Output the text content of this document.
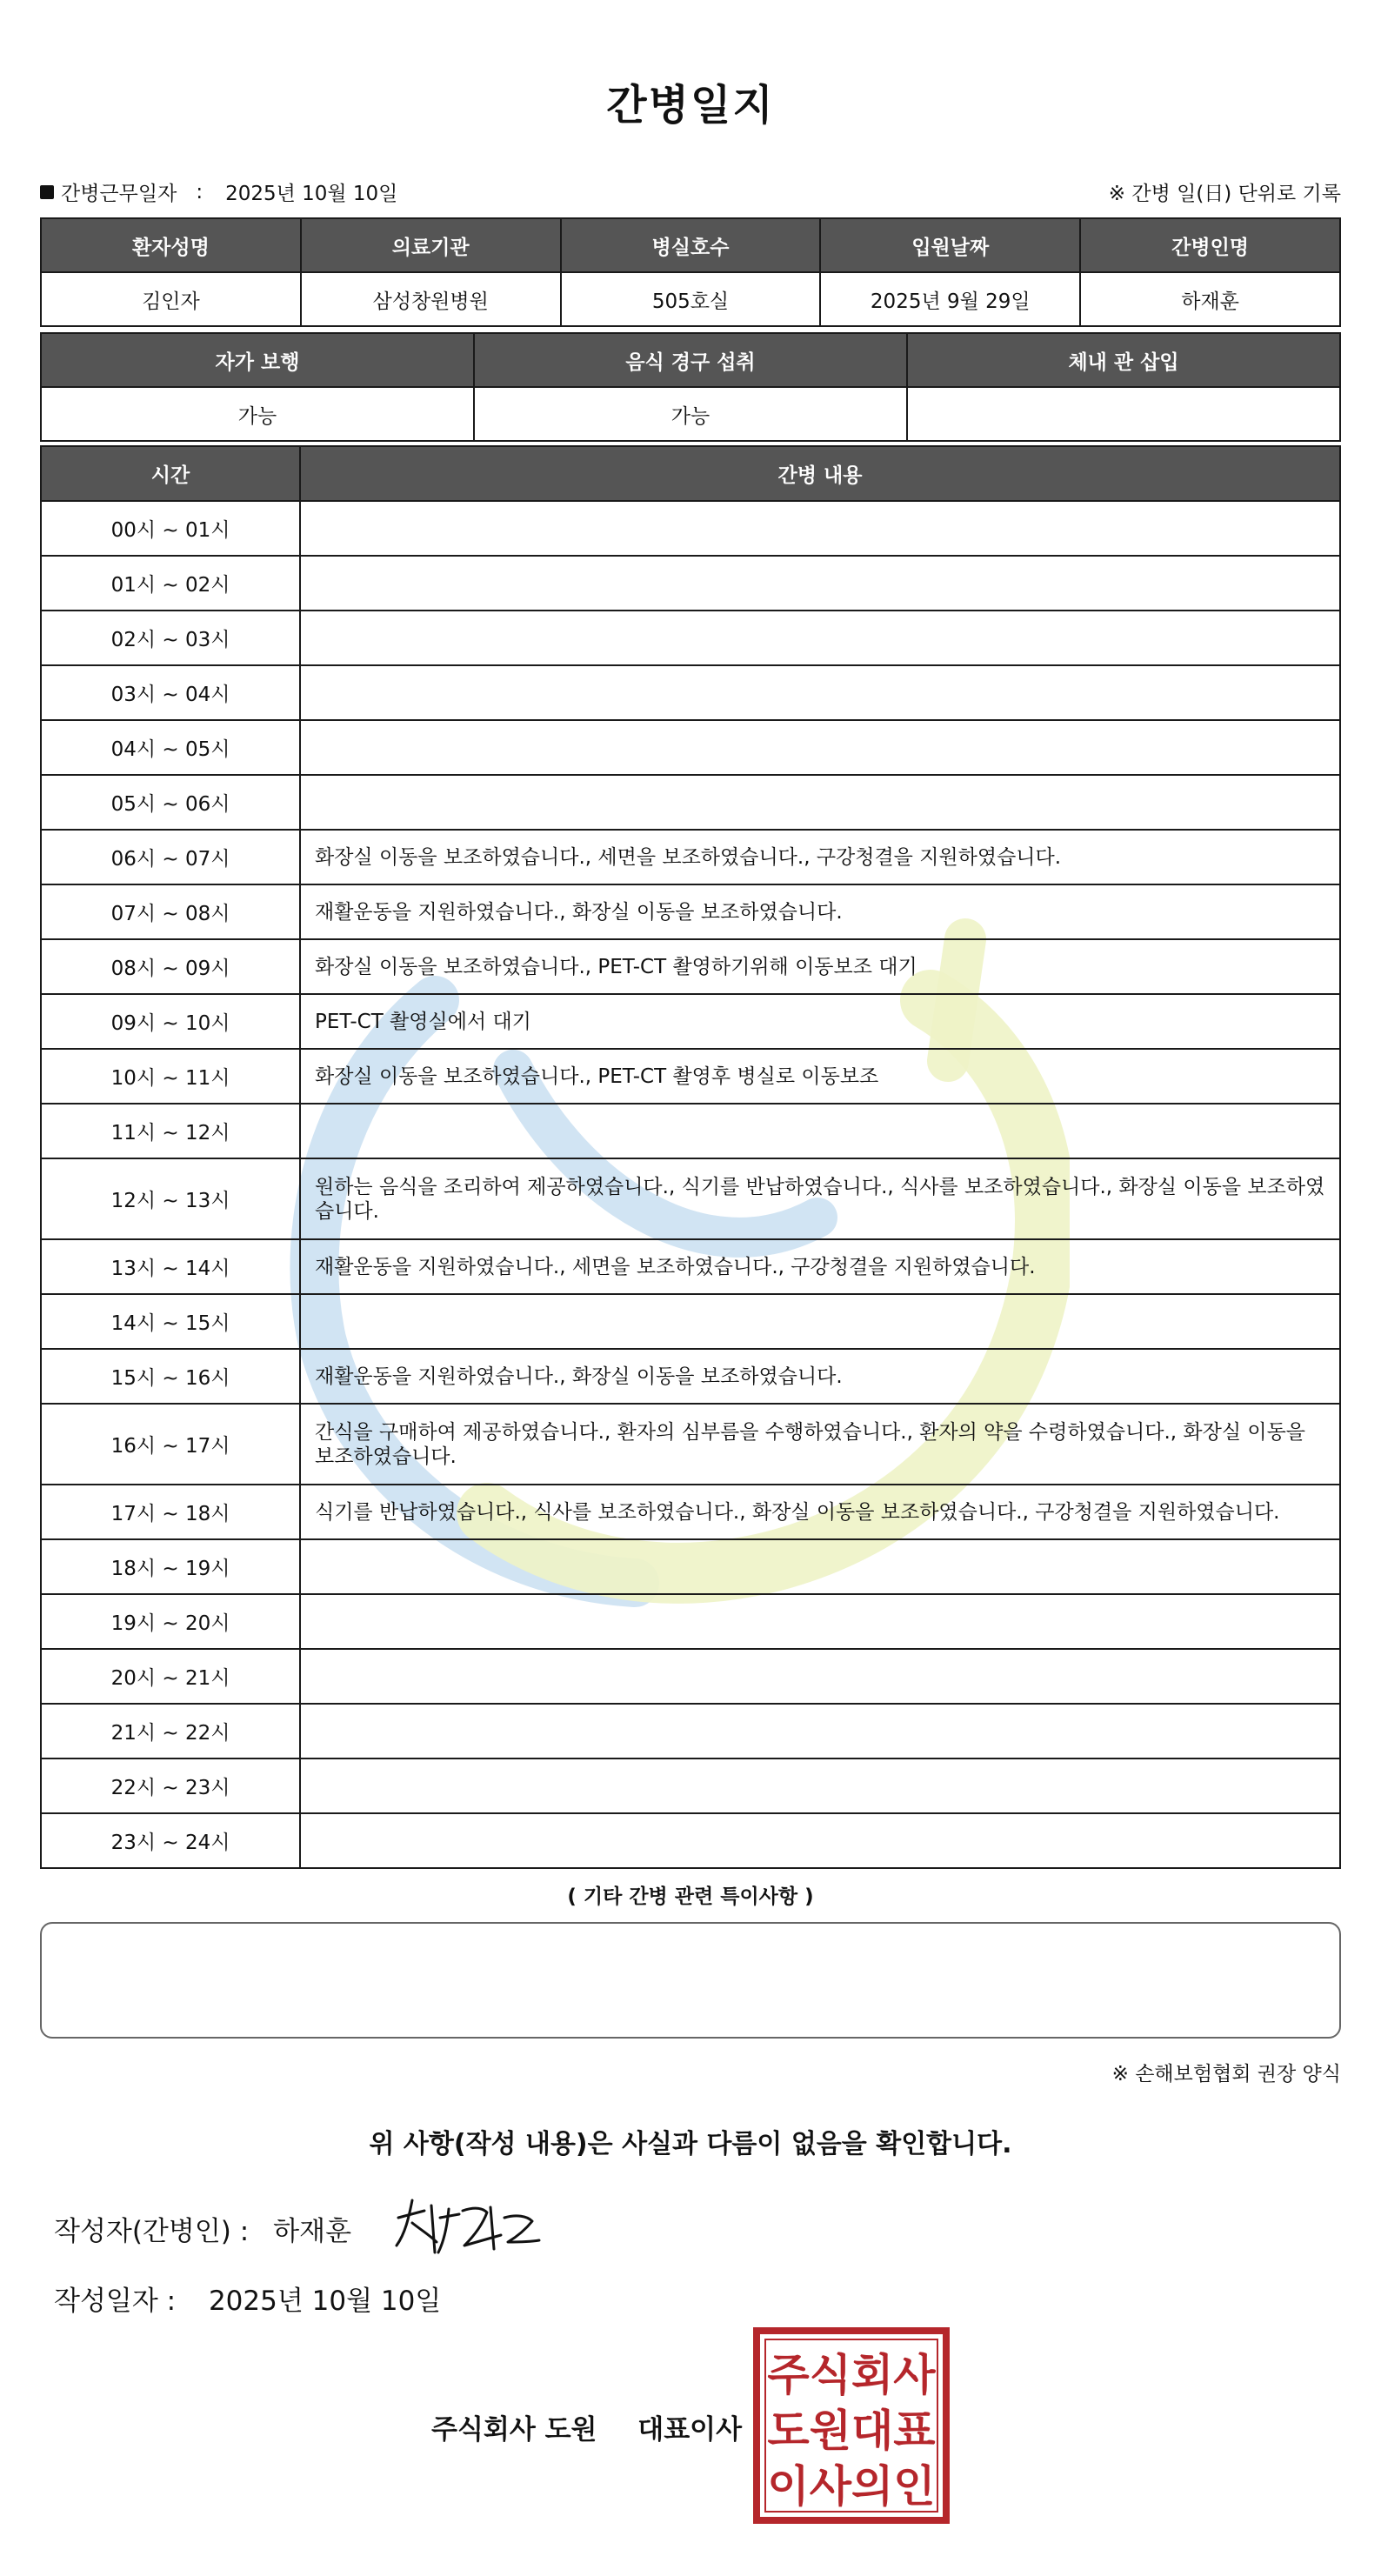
간병일지
간병근무일자 : 2025년 10월 10일	※ 간병 일(日) 단위로 기록
환자성명	의료기관	병실호수	입원날짜	간병인명
김인자	삼성창원병원	505호실	2025년 9월 29일	하재훈
자가 보행	음식 경구 섭취	체내 관 삽입
가능	가능	
시간	간병 내용
00시 ~ 01시	
01시 ~ 02시	
02시 ~ 03시	
03시 ~ 04시	
04시 ~ 05시	
05시 ~ 06시	
06시 ~ 07시	화장실 이동을 보조하였습니다., 세면을 보조하였습니다., 구강청결을 지원하였습니다.
07시 ~ 08시	재활운동을 지원하였습니다., 화장실 이동을 보조하였습니다.
08시 ~ 09시	화장실 이동을 보조하였습니다., PET-CT 촬영하기위해 이동보조 대기
09시 ~ 10시	PET-CT 촬영실에서 대기
10시 ~ 11시	화장실 이동을 보조하였습니다., PET-CT 촬영후 병실로 이동보조
11시 ~ 12시	
12시 ~ 13시	원하는 음식을 조리하여 제공하였습니다., 식기를 반납하였습니다., 식사를 보조하였습니다., 화장실 이동을 보조하였습니다.
13시 ~ 14시	재활운동을 지원하였습니다., 세면을 보조하였습니다., 구강청결을 지원하였습니다.
14시 ~ 15시	
15시 ~ 16시	재활운동을 지원하였습니다., 화장실 이동을 보조하였습니다.
16시 ~ 17시	간식을 구매하여 제공하였습니다., 환자의 심부름을 수행하였습니다., 환자의 약을 수령하였습니다., 화장실 이동을 보조하였습니다.
17시 ~ 18시	식기를 반납하였습니다., 식사를 보조하였습니다., 화장실 이동을 보조하였습니다., 구강청결을 지원하였습니다.
18시 ~ 19시	
19시 ~ 20시	
20시 ~ 21시	
21시 ~ 22시	
22시 ~ 23시	
23시 ~ 24시	
( 기타 간병 관련 특이사항 )
※ 손해보험협회 권장 양식
위 사항(작성 내용)은 사실과 다름이 없음을 확인합니다.
작성자(간병인) : 하재훈
작성일자 : 2025년 10월 10일
주식회사 도원 대표이사
주식회사
도원대표
이사의인
